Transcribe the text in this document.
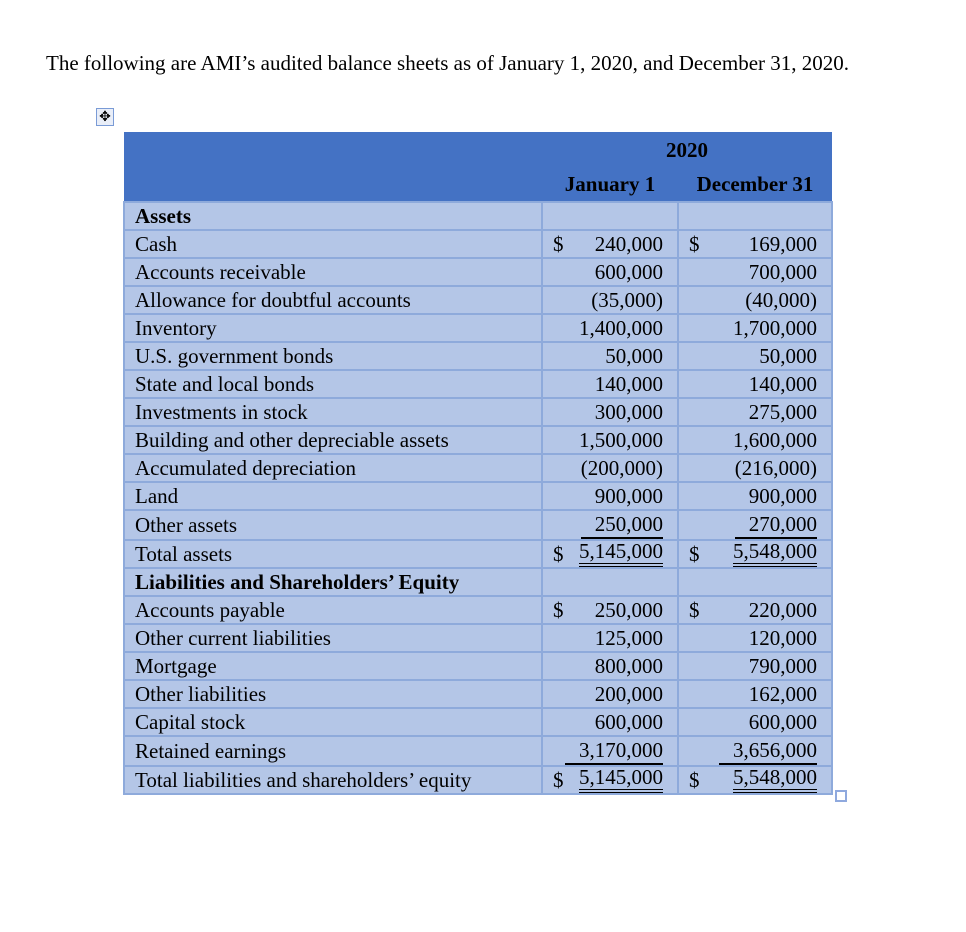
The following are AMI’s audited balance sheets as of January 1, 2020, and December 31, 2020.
✥
	2020	
	January 1	December 31
Assets	

Cash	$ 240,000	$ 169,000

Accounts receivable	600,000	700,000

Allowance for doubtful accounts	(35,000)	(40,000)

Inventory	1,400,000	1,700,000

U.S. government bonds	50,000	50,000

State and local bonds	140,000	140,000

Investments in stock	300,000	275,000

Building and other depreciable assets	1,500,000	1,600,000

Accumulated depreciation	(200,000)	(216,000)

Land	900,000	900,000

Other assets	250,000	270,000

Total assets	$ 5,145,000	$ 5,548,000

Liabilities and Shareholders’ Equity	

Accounts payable	$ 250,000	$ 220,000

Other current liabilities	125,000	120,000

Mortgage	800,000	790,000

Other liabilities	200,000	162,000

Capital stock	600,000	600,000

Retained earnings	3,170,000	3,656,000

Total liabilities and shareholders’ equity	$ 5,145,000	$ 5,548,000
